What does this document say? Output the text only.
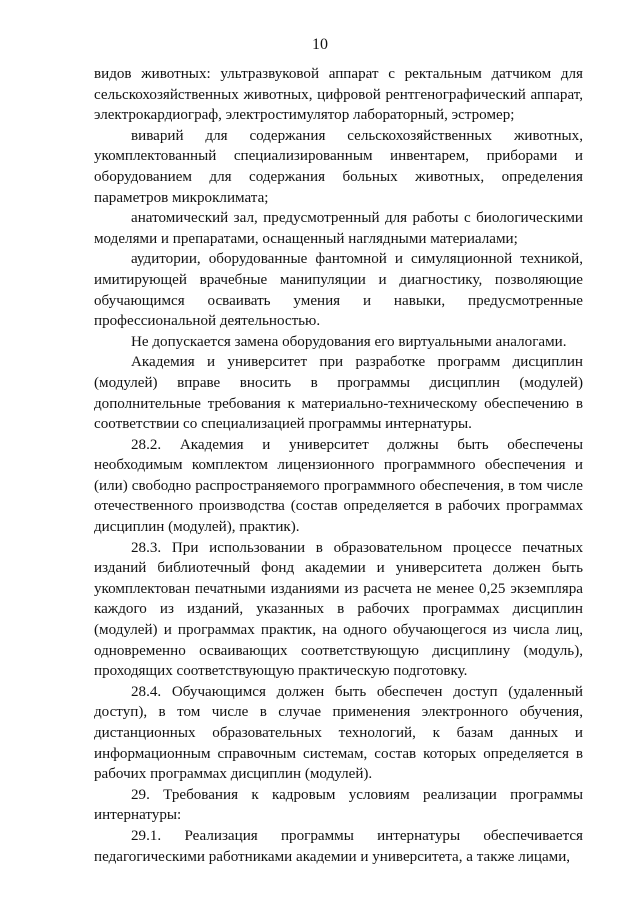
10

видов животных: ультразвуковой аппарат с ректальным датчиком для сельскохозяйственных животных, цифровой рентгенографический аппарат, электрокардиограф, электростимулятор лабораторный, эстромер;

виварий для содержания сельскохозяйственных животных, укомплектованный специализированным инвентарем, приборами и оборудованием для содержания больных животных, определения параметров микроклимата;

анатомический зал, предусмотренный для работы с биологическими моделями и препаратами, оснащенный наглядными материалами;

аудитории, оборудованные фантомной и симуляционной техникой, имитирующей врачебные манипуляции и диагностику, позволяющие обучающимся осваивать умения и навыки, предусмотренные профессиональной деятельностью.

Не допускается замена оборудования его виртуальными аналогами.

Академия и университет при разработке программ дисциплин (модулей) вправе вносить в программы дисциплин (модулей) дополнительные требования к материально-техническому обеспечению в соответствии со специализацией программы интернатуры.

28.2. Академия и университет должны быть обеспечены необходимым комплектом лицензионного программного обеспечения и (или) свободно распространяемого программного обеспечения, в том числе отечественного производства (состав определяется в рабочих программах дисциплин (модулей), практик).

28.3. При использовании в образовательном процессе печатных изданий библиотечный фонд академии и университета должен быть укомплектован печатными изданиями из расчета не менее 0,25 экземпляра каждого из изданий, указанных в рабочих программах дисциплин (модулей) и программах практик, на одного обучающегося из числа лиц, одновременно осваивающих соответствующую дисциплину (модуль), проходящих соответствующую практическую подготовку.

28.4. Обучающимся должен быть обеспечен доступ (удаленный доступ), в том числе в случае применения электронного обучения, дистанционных образовательных технологий, к базам данных и информационным справочным системам, состав которых определяется в рабочих программах дисциплин (модулей).

29. Требования к кадровым условиям реализации программы интернатуры:

29.1. Реализация программы интернатуры обеспечивается педагогическими работниками академии и университета, а также лицами,
